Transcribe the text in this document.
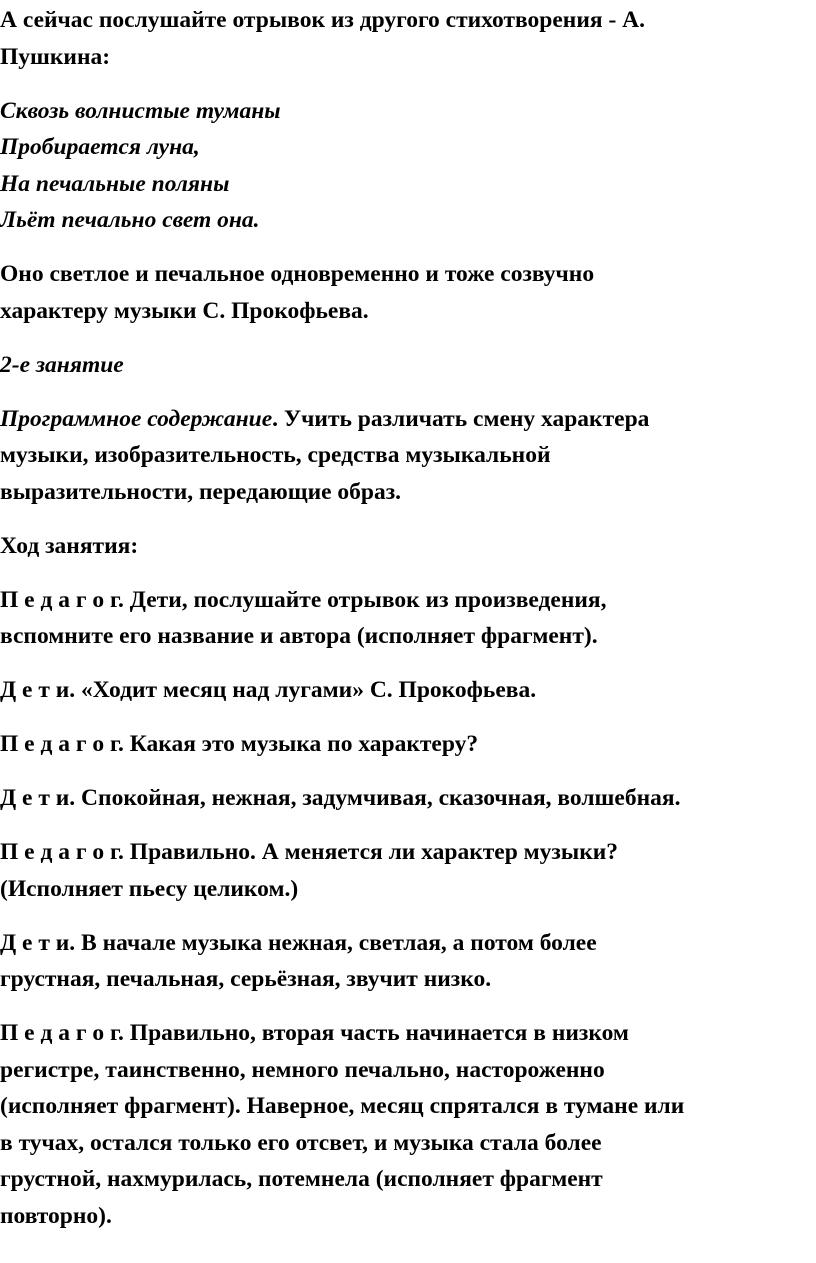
А сейчас послушайте отрывок из другого стихотворения - А.
Пушкина:
Сквозь волнистые туманы
Пробирается луна,
На печальные поляны
Льёт печально свет она.
Оно светлое и печальное одновременно и тоже созвучно
характеру музыки С. Прокофьева.
2-е занятие
Программное содержание. Учить различать смену характера
музыки, изобразительность, средства музыкальной
выразительности, передающие образ.
Ход занятия:
П е д а г о г. Дети, послушайте отрывок из произведения,
вспомните его название и автора (исполняет фрагмент).
Д е т и. «Ходит месяц над лугами» С. Прокофьева.
П е д а г о г. Какая это музыка по характеру?
Д е т и. Спокойная, нежная, задумчивая, сказочная, волшебная.
П е д а г о г. Правильно. А меняется ли характер музыки?
(Исполняет пьесу целиком.)
Д е т и. В начале музыка нежная, светлая, а потом более
грустная, печальная, серьёзная, звучит низко.
П е д а г о г. Правильно, вторая часть начинается в низком
регистре, таинственно, немного печально, настороженно
(исполняет фрагмент). Наверное, месяц спрятался в тумане или
в тучах, остался только его отсвет, и музыка стала более
грустной, нахмурилась, потемнела (исполняет фрагмент
повторно).
